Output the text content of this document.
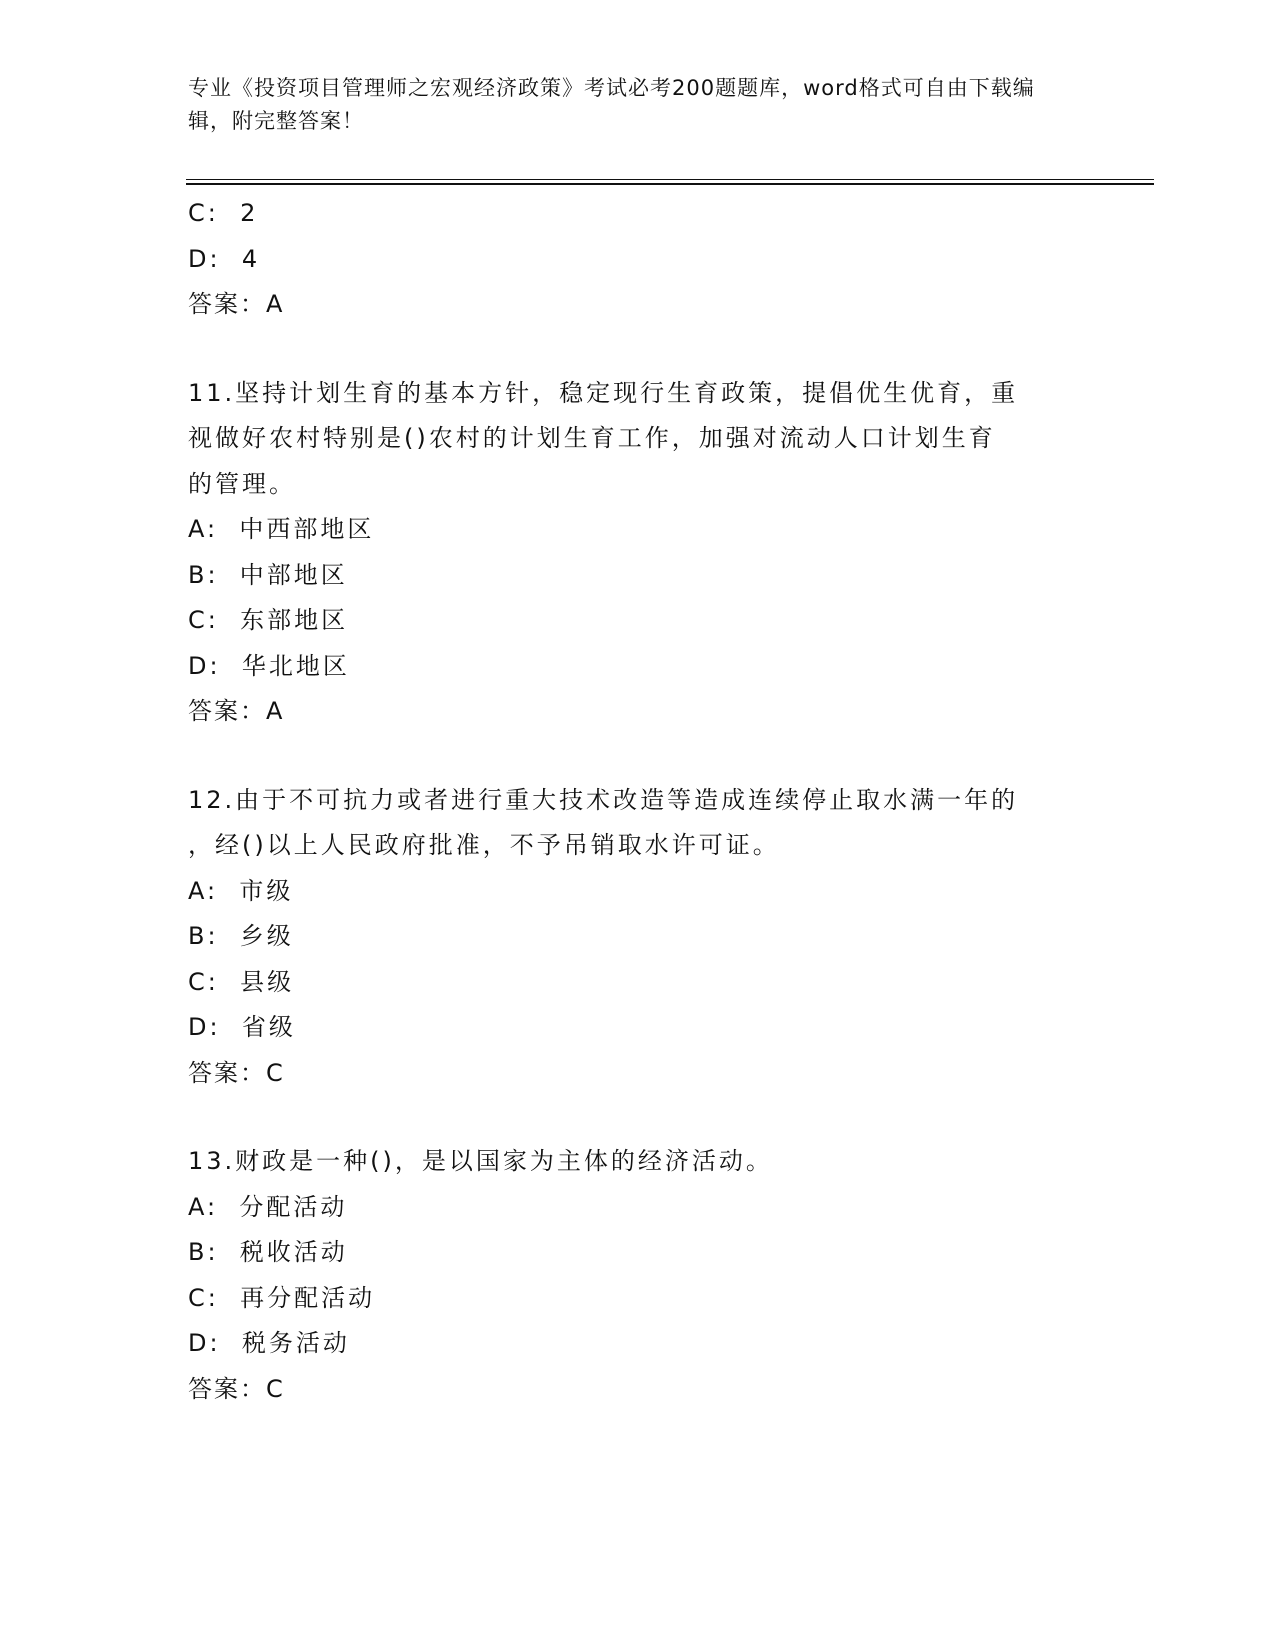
专业《投资项目管理师之宏观经济政策》考试必考200题题库，word格式可自由下载编辑，附完整答案！
C:  2
D:  4
答案：A
11.坚持计划生育的基本方针，稳定现行生育政策，提倡优生优育，重
视做好农村特别是()农村的计划生育工作，加强对流动人口计划生育
的管理。
A:  中西部地区
B:  中部地区
C:  东部地区
D:  华北地区
答案：A
12.由于不可抗力或者进行重大技术改造等造成连续停止取水满一年的
，经()以上人民政府批准，不予吊销取水许可证。
A:  市级
B:  乡级
C:  县级
D:  省级
答案：C
13.财政是一种()，是以国家为主体的经济活动。
A:  分配活动
B:  税收活动
C:  再分配活动
D:  税务活动
答案：C
